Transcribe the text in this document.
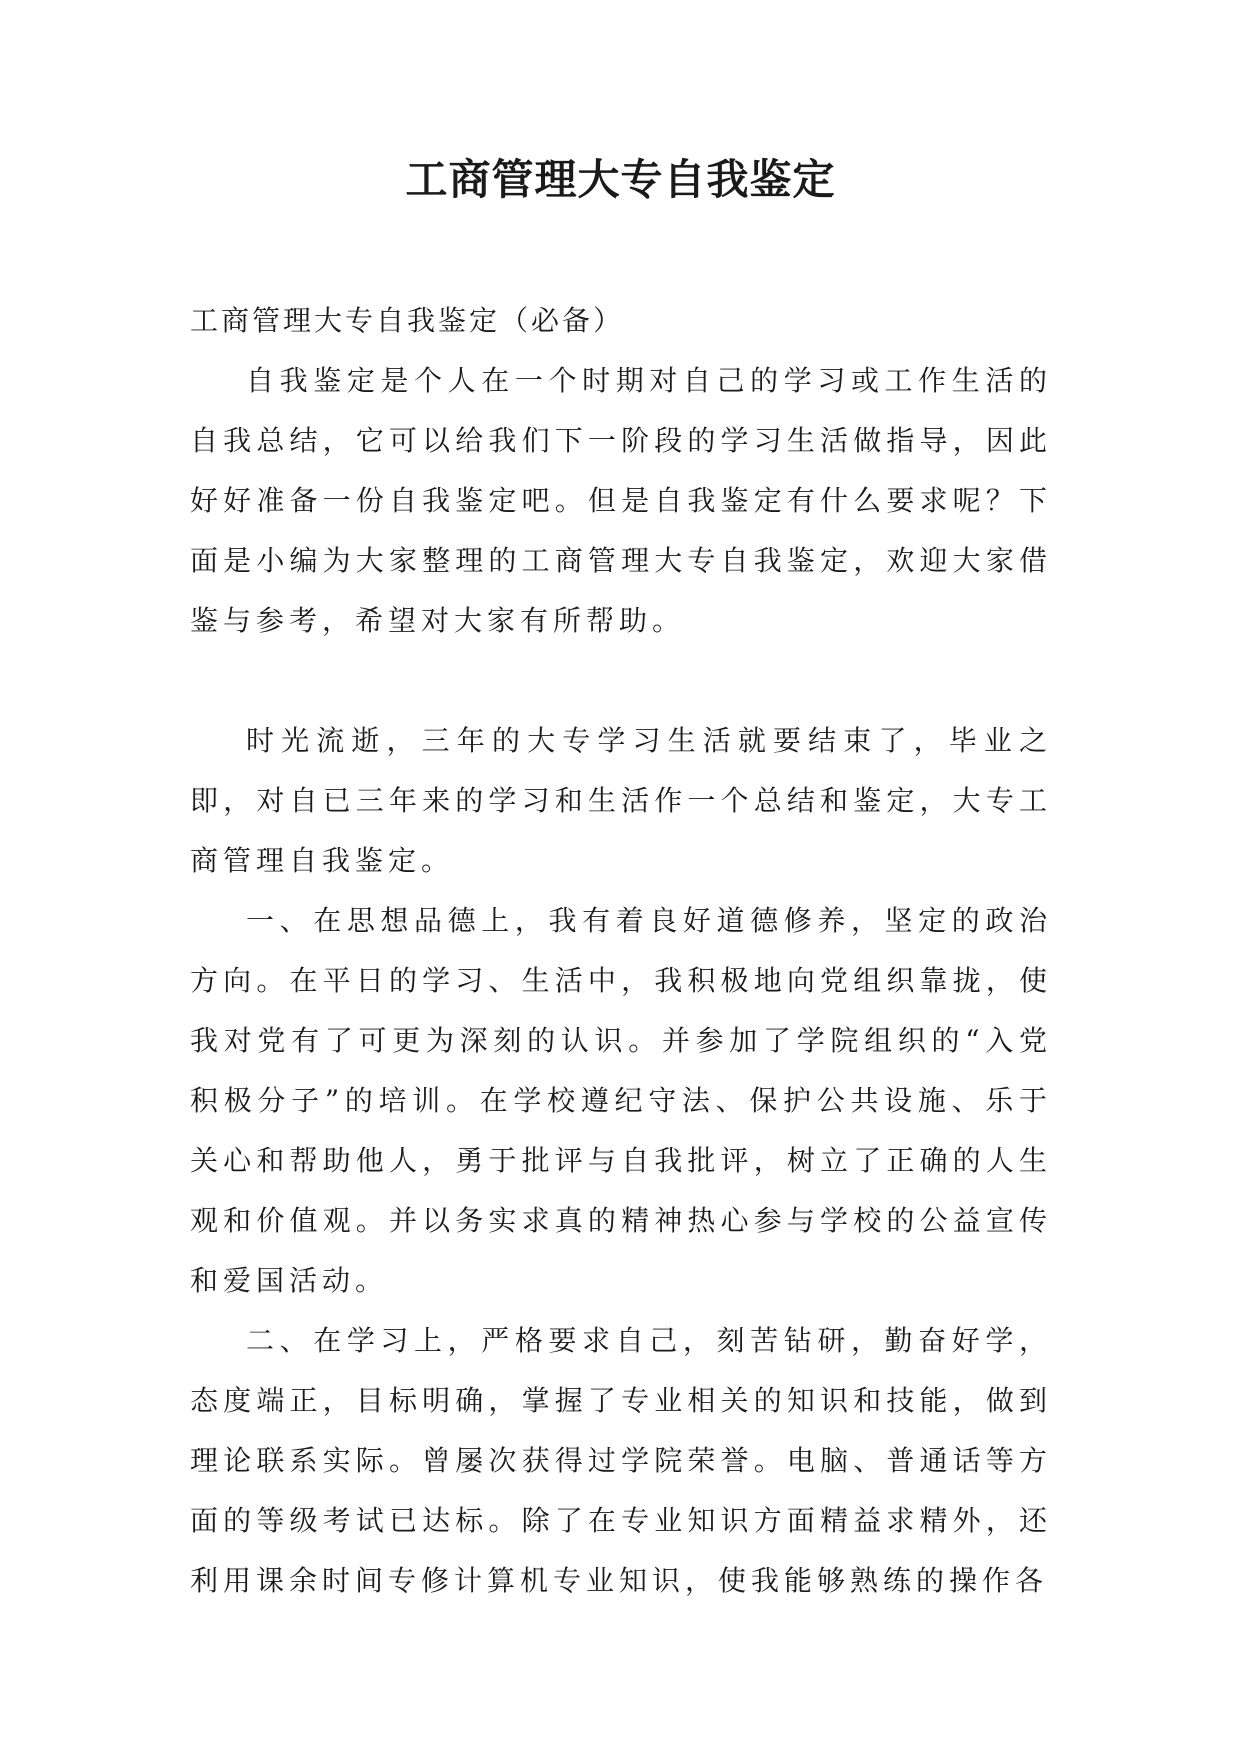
工商管理大专自我鉴定

工商管理大专自我鉴定（必备）

自我鉴定是个人在一个时期对自己的学习或工作生活的自我总结，它可以给我们下一阶段的学习生活做指导，因此好好准备一份自我鉴定吧。但是自我鉴定有什么要求呢？下面是小编为大家整理的工商管理大专自我鉴定，欢迎大家借鉴与参考，希望对大家有所帮助。

时光流逝，三年的大专学习生活就要结束了，毕业之即，对自已三年来的学习和生活作一个总结和鉴定，大专工商管理自我鉴定。

一、在思想品德上，我有着良好道德修养，坚定的政治方向。在平日的学习、生活中，我积极地向党组织靠拢，使我对党有了可更为深刻的认识。并参加了学院组织的“入党积极分子”的培训。在学校遵纪守法、保护公共设施、乐于关心和帮助他人，勇于批评与自我批评，树立了正确的人生观和价值观。并以务实求真的精神热心参与学校的公益宣传和爱国活动。

二、在学习上，严格要求自己，刻苦钻研，勤奋好学，态度端正，目标明确，掌握了专业相关的知识和技能，做到理论联系实际。曾屡次获得过学院荣誉。电脑、普通话等方面的等级考试已达标。除了在专业知识方面精益求精外，还利用课余时间专修计算机专业知识，使我能够熟练的操作各
